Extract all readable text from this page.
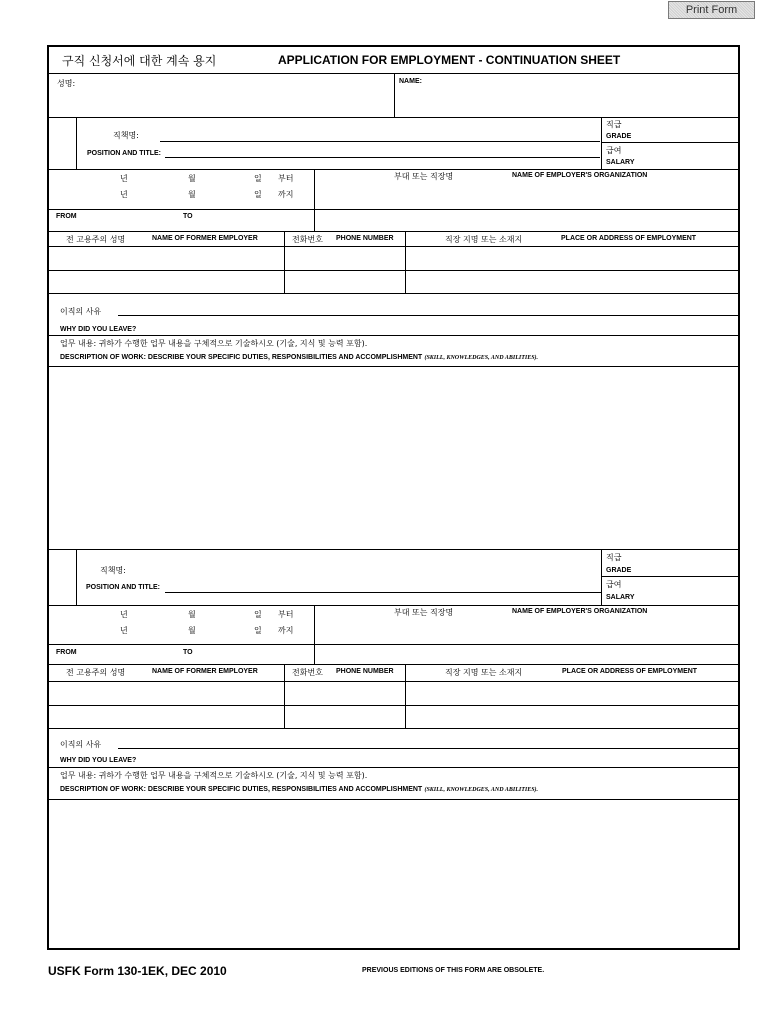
Print Form
구직 신청서에 대한 계속 용지	APPLICATION FOR EMPLOYMENT - CONTINUATION SHEET
성명:	NAME:
직책명:
POSITION AND TITLE:
직급
GRADE
급여
SALARY
년	월	일 부터
년	월	일 까지
부대 또는 직장명	NAME OF EMPLOYER'S ORGANIZATION
FROM	TO
전 고용주의 성명	NAME OF FORMER EMPLOYER	전화번호 PHONE NUMBER	직장 지명 또는 소재지	PLACE OR ADDRESS OF EMPLOYMENT
이직의 사유
WHY DID YOU LEAVE?
업무 내용: 귀하가 수행한 업무 내용을 구체적으로 기술하시오 (기술, 지식 및 능력 포함).
DESCRIPTION OF WORK: DESCRIBE YOUR SPECIFIC DUTIES, RESPONSIBILITIES AND ACCOMPLISHMENT (SKILL, KNOWLEDGES, AND ABILITIES).
직책명:
POSITION AND TITLE:
직급
GRADE
급여
SALARY
년	월	일 부터
년	월	일 까지
부대 또는 직장명	NAME OF EMPLOYER'S ORGANIZATION
FROM	TO
전 고용주의 성명	NAME OF FORMER EMPLOYER	전화번호 PHONE NUMBER	직장 지명 또는 소재지	PLACE OR ADDRESS OF EMPLOYMENT
이직의 사유
WHY DID YOU LEAVE?
업무 내용: 귀하가 수행한 업무 내용을 구체적으로 기술하시오 (기술, 지식 및 능력 포함).
DESCRIPTION OF WORK: DESCRIBE YOUR SPECIFIC DUTIES, RESPONSIBILITIES AND ACCOMPLISHMENT (SKILL, KNOWLEDGES, AND ABILITIES).
USFK Form 130-1EK, DEC 2010	PREVIOUS EDITIONS OF THIS FORM ARE OBSOLETE.
